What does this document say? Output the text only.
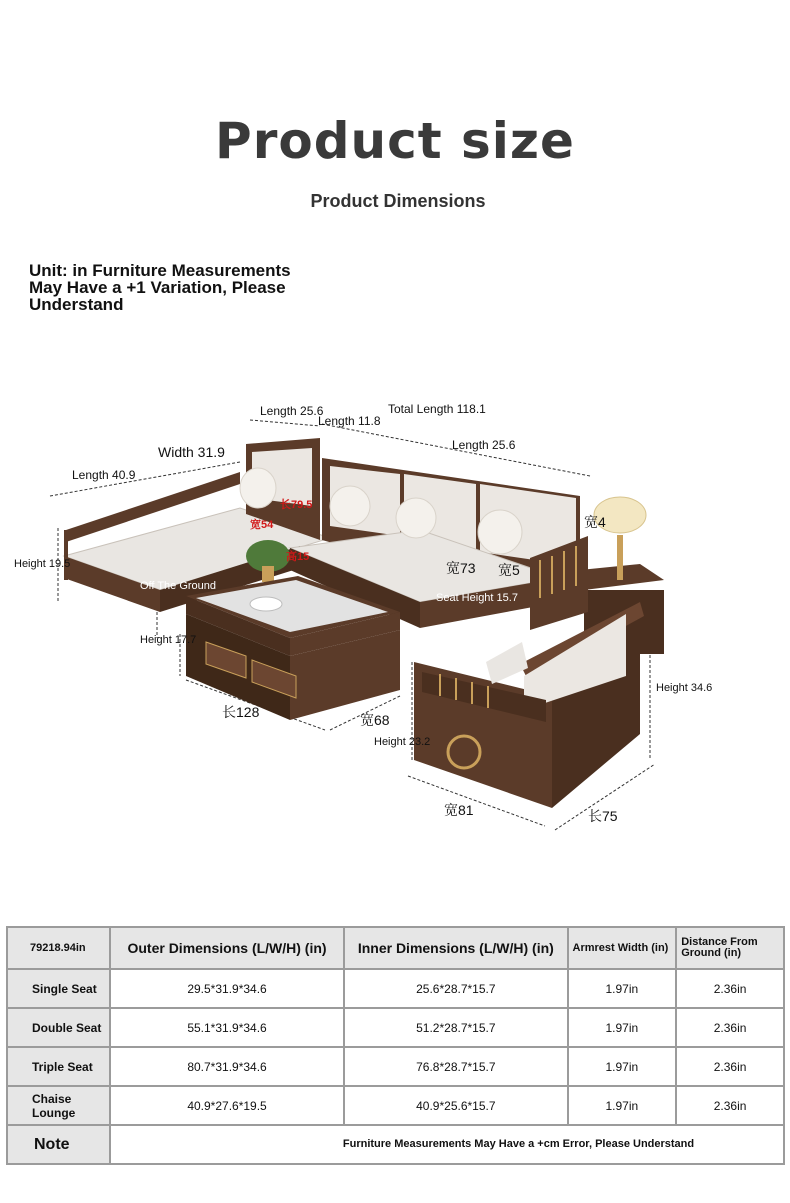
Product size
Product Dimensions
Unit: in Furniture Measurements May Have a +1 Variation, Please Understand
Length 25.6
Length 11.8
Total Length 118.1
Length 25.6
Width 31.9
Length 40.9
Height 19.5
Off The Ground
Height 17.7
长128	宽68
Height 23.2
宽81	长75
Height 34.6
Seat Height 15.7
宽73 宽5
宽4
长79.5
宽54
高15
79218.94in	Outer Dimensions (L/W/H) (in)	Inner Dimensions (L/W/H) (in)	Armrest Width (in)	Distance From Ground (in)
Single Seat	29.5*31.9*34.6	25.6*28.7*15.7	1.97in	2.36in
Double Seat	55.1*31.9*34.6	51.2*28.7*15.7	1.97in	2.36in
Triple Seat	80.7*31.9*34.6	76.8*28.7*15.7	1.97in	2.36in
Chaise Lounge	40.9*27.6*19.5	40.9*25.6*15.7	1.97in	2.36in
Note	Furniture Measurements May Have a +cm Error, Please Understand			
